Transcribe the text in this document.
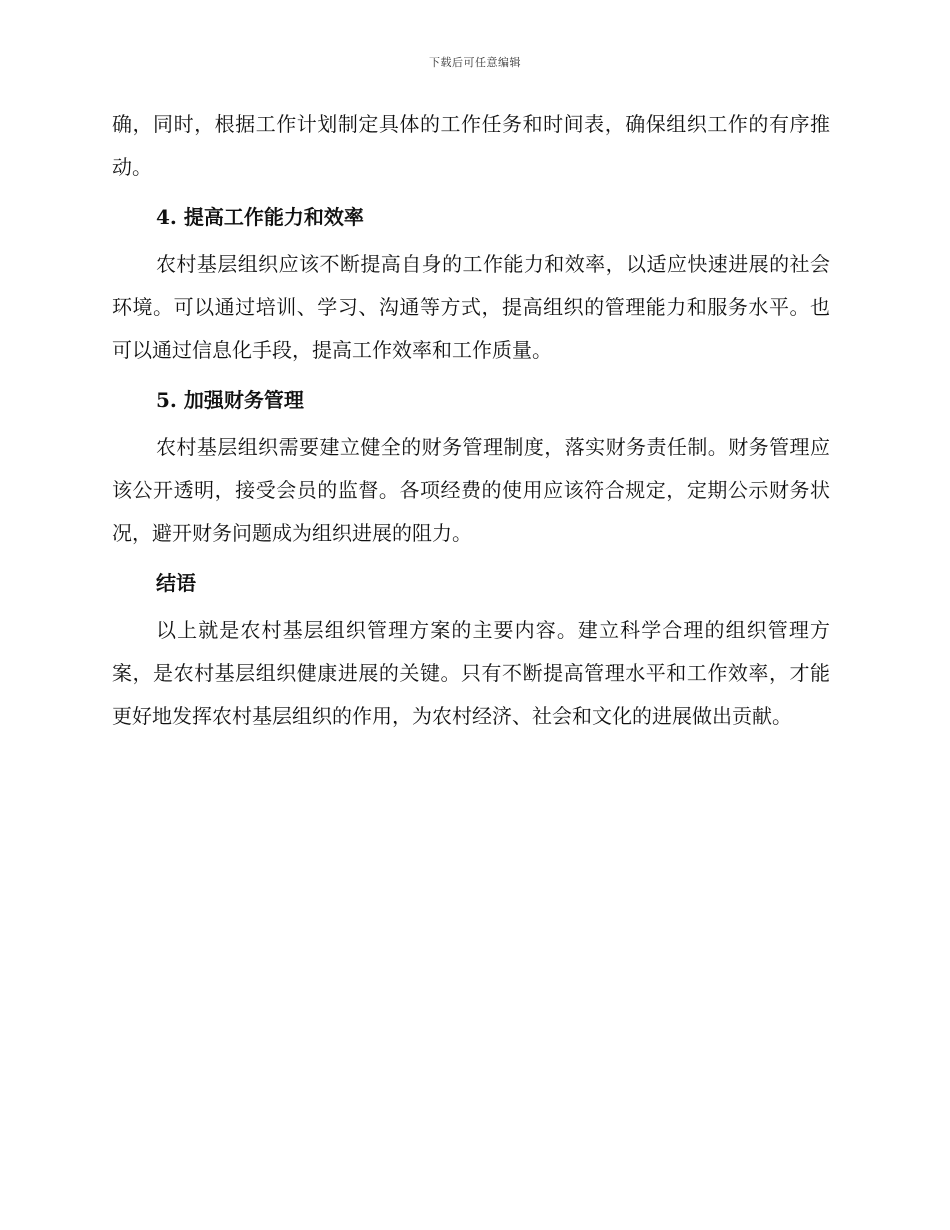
下载后可任意编辑

确，同时，根据工作计划制定具体的工作任务和时间表，确保组织工作的有序推动。

4. 提高工作能力和效率

农村基层组织应该不断提高自身的工作能力和效率，以适应快速进展的社会环境。可以通过培训、学习、沟通等方式，提高组织的管理能力和服务水平。也可以通过信息化手段，提高工作效率和工作质量。

5. 加强财务管理

农村基层组织需要建立健全的财务管理制度，落实财务责任制。财务管理应该公开透明，接受会员的监督。各项经费的使用应该符合规定，定期公示财务状况，避开财务问题成为组织进展的阻力。

结语

以上就是农村基层组织管理方案的主要内容。建立科学合理的组织管理方案，是农村基层组织健康进展的关键。只有不断提高管理水平和工作效率，才能更好地发挥农村基层组织的作用，为农村经济、社会和文化的进展做出贡献。
